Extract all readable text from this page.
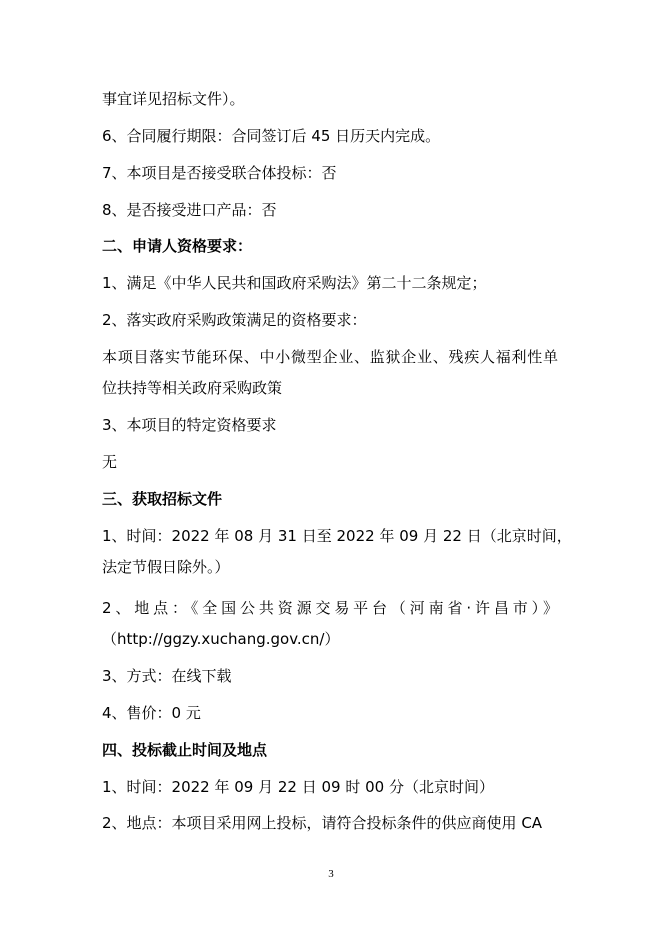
事宜详见招标文件）。
6、合同履行期限：合同签订后 45 日历天内完成。
7、本项目是否接受联合体投标：否
8、是否接受进口产品：否
二、申请人资格要求：
1、满足《中华人民共和国政府采购法》第二十二条规定；
2、落实政府采购政策满足的资格要求：
本项目落实节能环保、中小微型企业、监狱企业、残疾人福利性单
位扶持等相关政府采购政策
3、本项目的特定资格要求
无
三、获取招标文件
1、时间：2022 年 08 月 31 日至 2022 年 09 月 22 日（北京时间，
法定节假日除外。）
2、地点：《全国公共资源交易平台（河南省·许昌市）》
（http://ggzy.xuchang.gov.cn/）
3、方式：在线下载
4、售价：0 元
四、投标截止时间及地点
1、时间：2022 年 09 月 22 日 09 时 00 分（北京时间）
2、地点：本项目采用网上投标，请符合投标条件的供应商使用 CA
3
